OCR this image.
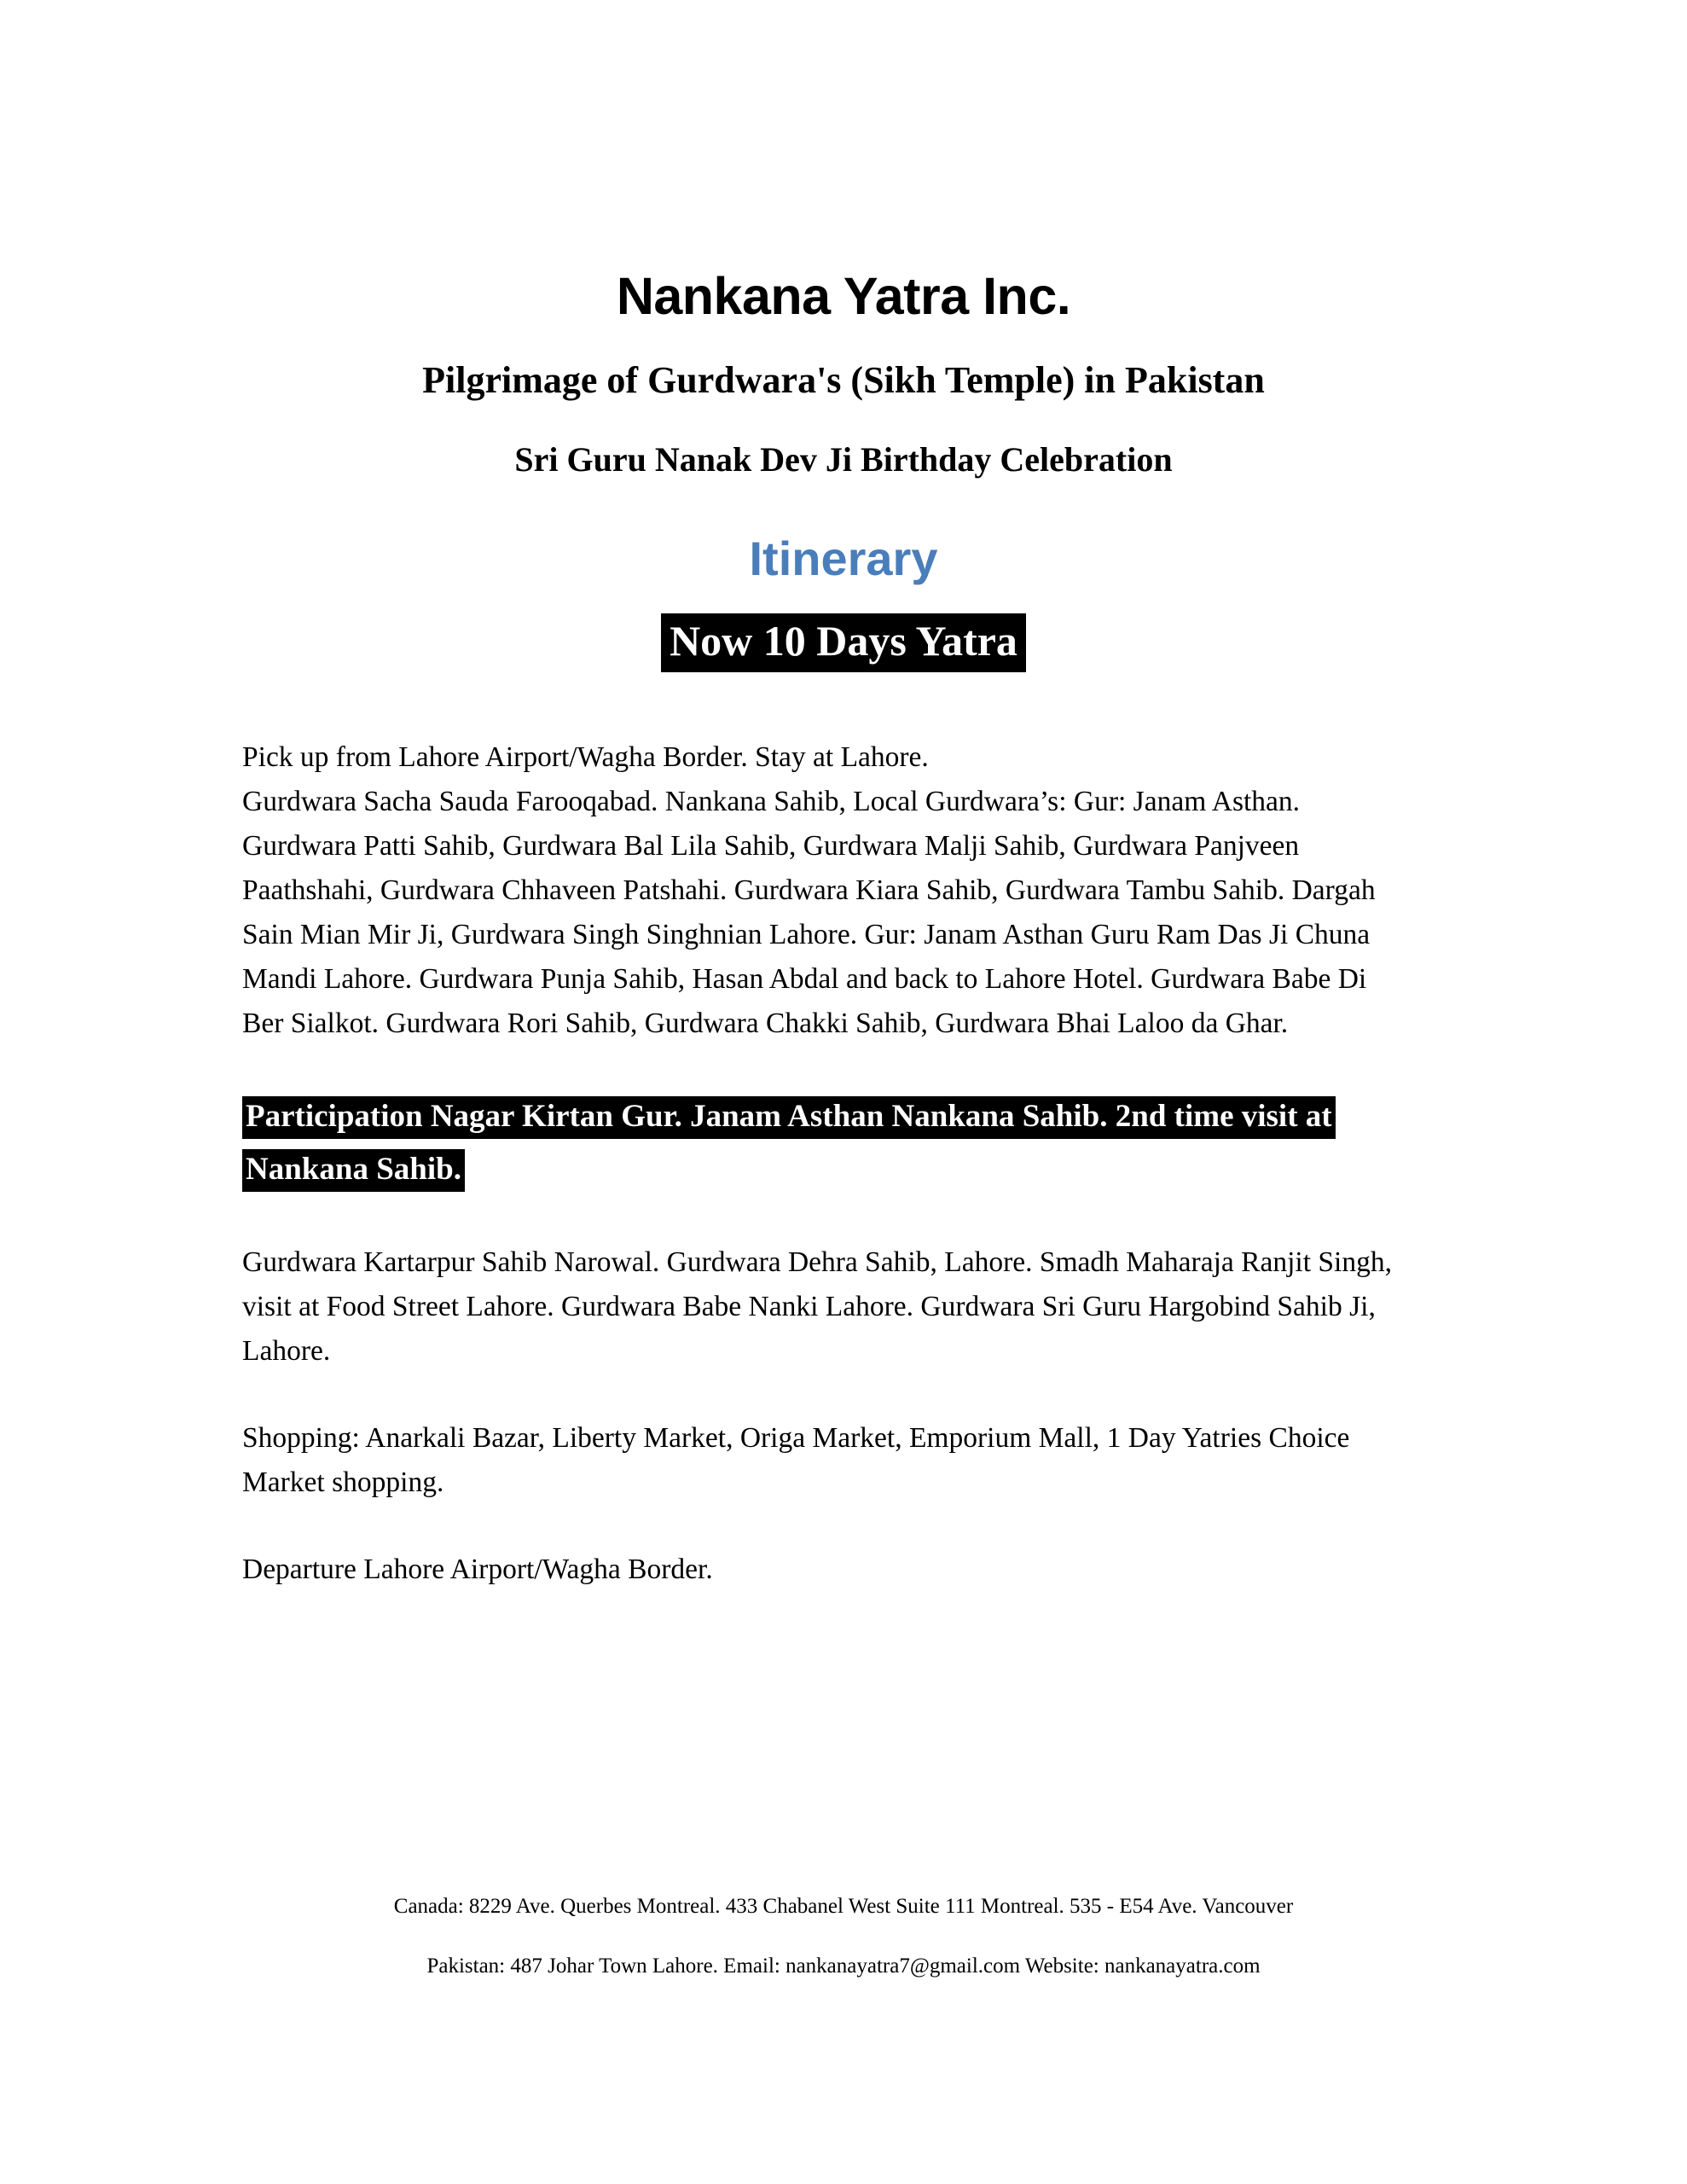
Nankana Yatra Inc.
Pilgrimage of Gurdwara's (Sikh Temple) in Pakistan
Sri Guru Nanak Dev Ji Birthday Celebration
Itinerary
Now 10 Days Yatra

Pick up from Lahore Airport/Wagha Border. Stay at Lahore.

Gurdwara Sacha Sauda Farooqabad. Nankana Sahib, Local Gurdwara’s: Gur: Janam Asthan. Gurdwara Patti Sahib, Gurdwara Bal Lila Sahib, Gurdwara Malji Sahib, Gurdwara Panjveen Paathshahi, Gurdwara Chhaveen Patshahi. Gurdwara Kiara Sahib, Gurdwara Tambu Sahib. Dargah Sain Mian Mir Ji, Gurdwara Singh Singhnian Lahore. Gur: Janam Asthan Guru Ram Das Ji Chuna Mandi Lahore. Gurdwara Punja Sahib, Hasan Abdal and back to Lahore Hotel. Gurdwara Babe Di Ber Sialkot. Gurdwara Rori Sahib, Gurdwara Chakki Sahib, Gurdwara Bhai Laloo da Ghar.

Participation Nagar Kirtan Gur. Janam Asthan Nankana Sahib. 2nd time visit at Nankana Sahib.

Gurdwara Kartarpur Sahib Narowal. Gurdwara Dehra Sahib, Lahore. Smadh Maharaja Ranjit Singh, visit at Food Street Lahore. Gurdwara Babe Nanki Lahore. Gurdwara Sri Guru Hargobind Sahib Ji, Lahore.

Shopping: Anarkali Bazar, Liberty Market, Origa Market, Emporium Mall, 1 Day Yatries Choice Market shopping.

Departure Lahore Airport/Wagha Border.

Canada: 8229 Ave. Querbes Montreal. 433 Chabanel West Suite 111 Montreal. 535 - E54 Ave. Vancouver

Pakistan: 487 Johar Town Lahore. Email: nankanayatra7@gmail.com Website: nankanayatra.com
